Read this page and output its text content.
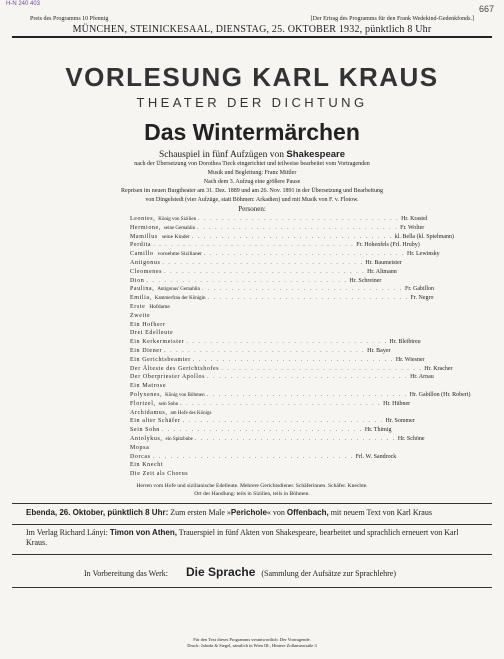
H-N 240 403	667
Preis des Programms 10 Pfennig	[Der Ertrag des Programms für den Frank Wedekind-Gedenkfonds.]
MÜNCHEN, STEINICKESAAL, DIENSTAG, 25. OKTOBER 1932, pünktlich 8 Uhr
VORLESUNG KARL KRAUS
THEATER DER DICHTUNG
Das Wintermärchen
Schauspiel in fünf Aufzügen von Shakespeare
nach der Übersetzung von Dorothea Tieck eingerichtet und teilweise bearbeitet vom Vortragenden
Musik und Begleitung: Franz Mittler
Nach dem 3. Aufzug eine größere Pause
Reprisen im neuen Burgtheater am 31. Dez. 1889 und am 26. Nov. 1891 in der Übersetzung und Bearbeitung
von Dingelstedt (vier Aufzüge, statt Böhmen: Arkadien) und mit Musik von F. v. Flotow.
Personen:
Leontes, König von Sizilien . . . . . . . . . . . . . . . . . . . . . . . . . . . . . . . . . . Hr. Krastel
Hermione, seine Gemahlin . . . . . . . . . . . . . . . . . . . . . . . . . . . . . . . . . . Fr. Wolter
Mamillus seine Kinder . . . . . . . . . . . . . . . . . . . . . . . . . . . . . . . . . . kl. Bella (kl. Spielmann)
Perdita . . . . . . . . . . . . . . . . . . . . . . . . . . . . . . . . . . Fr. Hohenfels (Frl. Hruby)
Camillo vornehme Sizilianer . . . . . . . . . . . . . . . . . . . . . . . . . . . . . . . . . . Hr. Lewinsky
Antigonus . . . . . . . . . . . . . . . . . . . . . . . . . . . . . . . . . . Hr. Baumeister
Cleomenes . . . . . . . . . . . . . . . . . . . . . . . . . . . . . . . . . . Hr. Altmann
Dion . . . . . . . . . . . . . . . . . . . . . . . . . . . . . . . . . . Hr. Schreiner
Paulina, Antigonus' Gemahlin . . . . . . . . . . . . . . . . . . . . . . . . . . . . . . . . . . Fr. Gabillon
Emilia, Kammerfrau der Königin . . . . . . . . . . . . . . . . . . . . . . . . . . . . . . . . . . Fr. Negro
Erste Hofdame
Zweite
Ein Hofherr
Drei Edelleute
Ein Kerkermeister . . . . . . . . . . . . . . . . . . . . . . . . . . . . . . . . . . Hr. Bleibtreu
Ein Diener . . . . . . . . . . . . . . . . . . . . . . . . . . . . . . . . . . Hr. Bayer
Ein Gerichtsbeamter . . . . . . . . . . . . . . . . . . . . . . . . . . . . . . . . . . Hr. Wiesner
Der Älteste des Gerichtshofes . . . . . . . . . . . . . . . . . . . . . . . . . . . . . . . . . . Hr. Kracher
Der Oberpriester Apollos . . . . . . . . . . . . . . . . . . . . . . . . . . . . . . . . . . Hr. Arnau
Ein Matrose
Polyxenes, König von Böhmen . . . . . . . . . . . . . . . . . . . . . . . . . . . . . . . . . . Hr. Gabillon (Hr. Robert)
Florizel, sein Sohn . . . . . . . . . . . . . . . . . . . . . . . . . . . . . . . . . . Hr. Hübner
Archidamus, am Hofe des Königs
Ein alter Schäfer . . . . . . . . . . . . . . . . . . . . . . . . . . . . . . . . . . Hr. Sommer
Sein Sohn . . . . . . . . . . . . . . . . . . . . . . . . . . . . . . . . . . Hr. Thimig
Antolykus, ein Spitzbube . . . . . . . . . . . . . . . . . . . . . . . . . . . . . . . . . . Hr. Schöne
Mopsa
Dorcas . . . . . . . . . . . . . . . . . . . . . . . . . . . . . . . . . . Frl. W. Sandrock
Ein Knecht
Die Zeit als Chorus
Herren vom Hofe und sizilianische Edelleute. Mehrere Gerichtsdiener. Schäferinnen. Schäfer. Knechte.
Ort der Handlung: teils in Sizilien, teils in Böhmen.
Ebenda, 26. Oktober, pünktlich 8 Uhr: Zum ersten Male »Perichole« von Offenbach, mit neuem Text von Karl Kraus
Im Verlag Richard Lányi: Timon von Athen, Trauerspiel in fünf Akten von Shakespeare, bearbeitet und sprachlich erneuert von Karl Kraus.
In Vorbereitung das Werk: Die Sprache (Sammlung der Aufsätze zur Sprachlehre)
Für den Text dieses Programms verantwortlich: Der Vortragende.
Druck: Jahoda & Siegel, sämtlich in Wien III., Hintere Zollamtsstraße 3
